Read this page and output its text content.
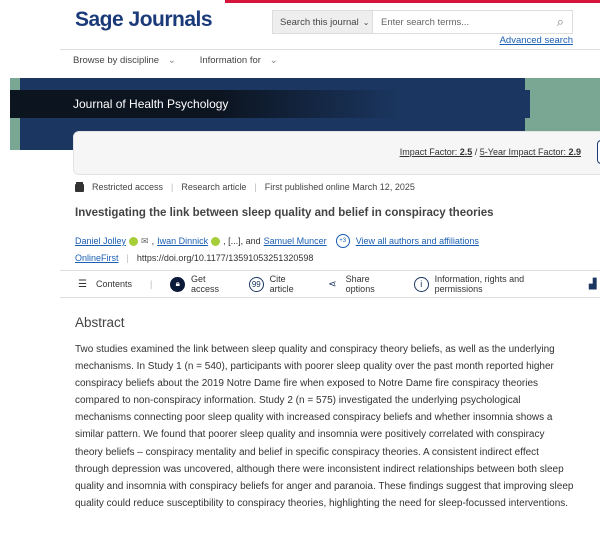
Sage Journals	Search this journal ⌄ Enter search terms...	⌕
Advanced search
Browse by discipline ⌄	Information for ⌄
Journal of Health Psychology
Impact Factor: 2.5 / 5-Year Impact Factor: 2.9
Restricted access | Research article | First published online March 12, 2025
Investigating the link between sleep quality and belief in conspiracy theories
Daniel Jolley ✉ , Iwan Dinnick , [...], and Samuel Muncer	+3	View all authors and affiliations
OnlineFirst | https://doi.org/10.1177/13591053251320598
☰	Contents |	🔒︎	Get access	99 Cite article	⋖	Share options	i	Information, rights and permissions	▟
Abstract
Two studies examined the link between sleep quality and conspiracy theory beliefs, as well as the underlying mechanisms. In Study 1 (n = 540), participants with poorer sleep quality over the past month reported higher conspiracy beliefs about the 2019 Notre Dame fire when exposed to Notre Dame fire conspiracy theories compared to non-conspiracy information. Study 2 (n = 575) investigated the underlying psychological mechanisms connecting poor sleep quality with increased conspiracy beliefs and whether insomnia shows a similar pattern. We found that poorer sleep quality and insomnia were positively correlated with conspiracy theory beliefs – conspiracy mentality and belief in specific conspiracy theories. A consistent indirect effect through depression was uncovered, although there were inconsistent indirect relationships between both sleep quality and insomnia with conspiracy beliefs for anger and paranoia. These findings suggest that improving sleep quality could reduce susceptibility to conspiracy theories, highlighting the need for sleep-focussed interventions.
